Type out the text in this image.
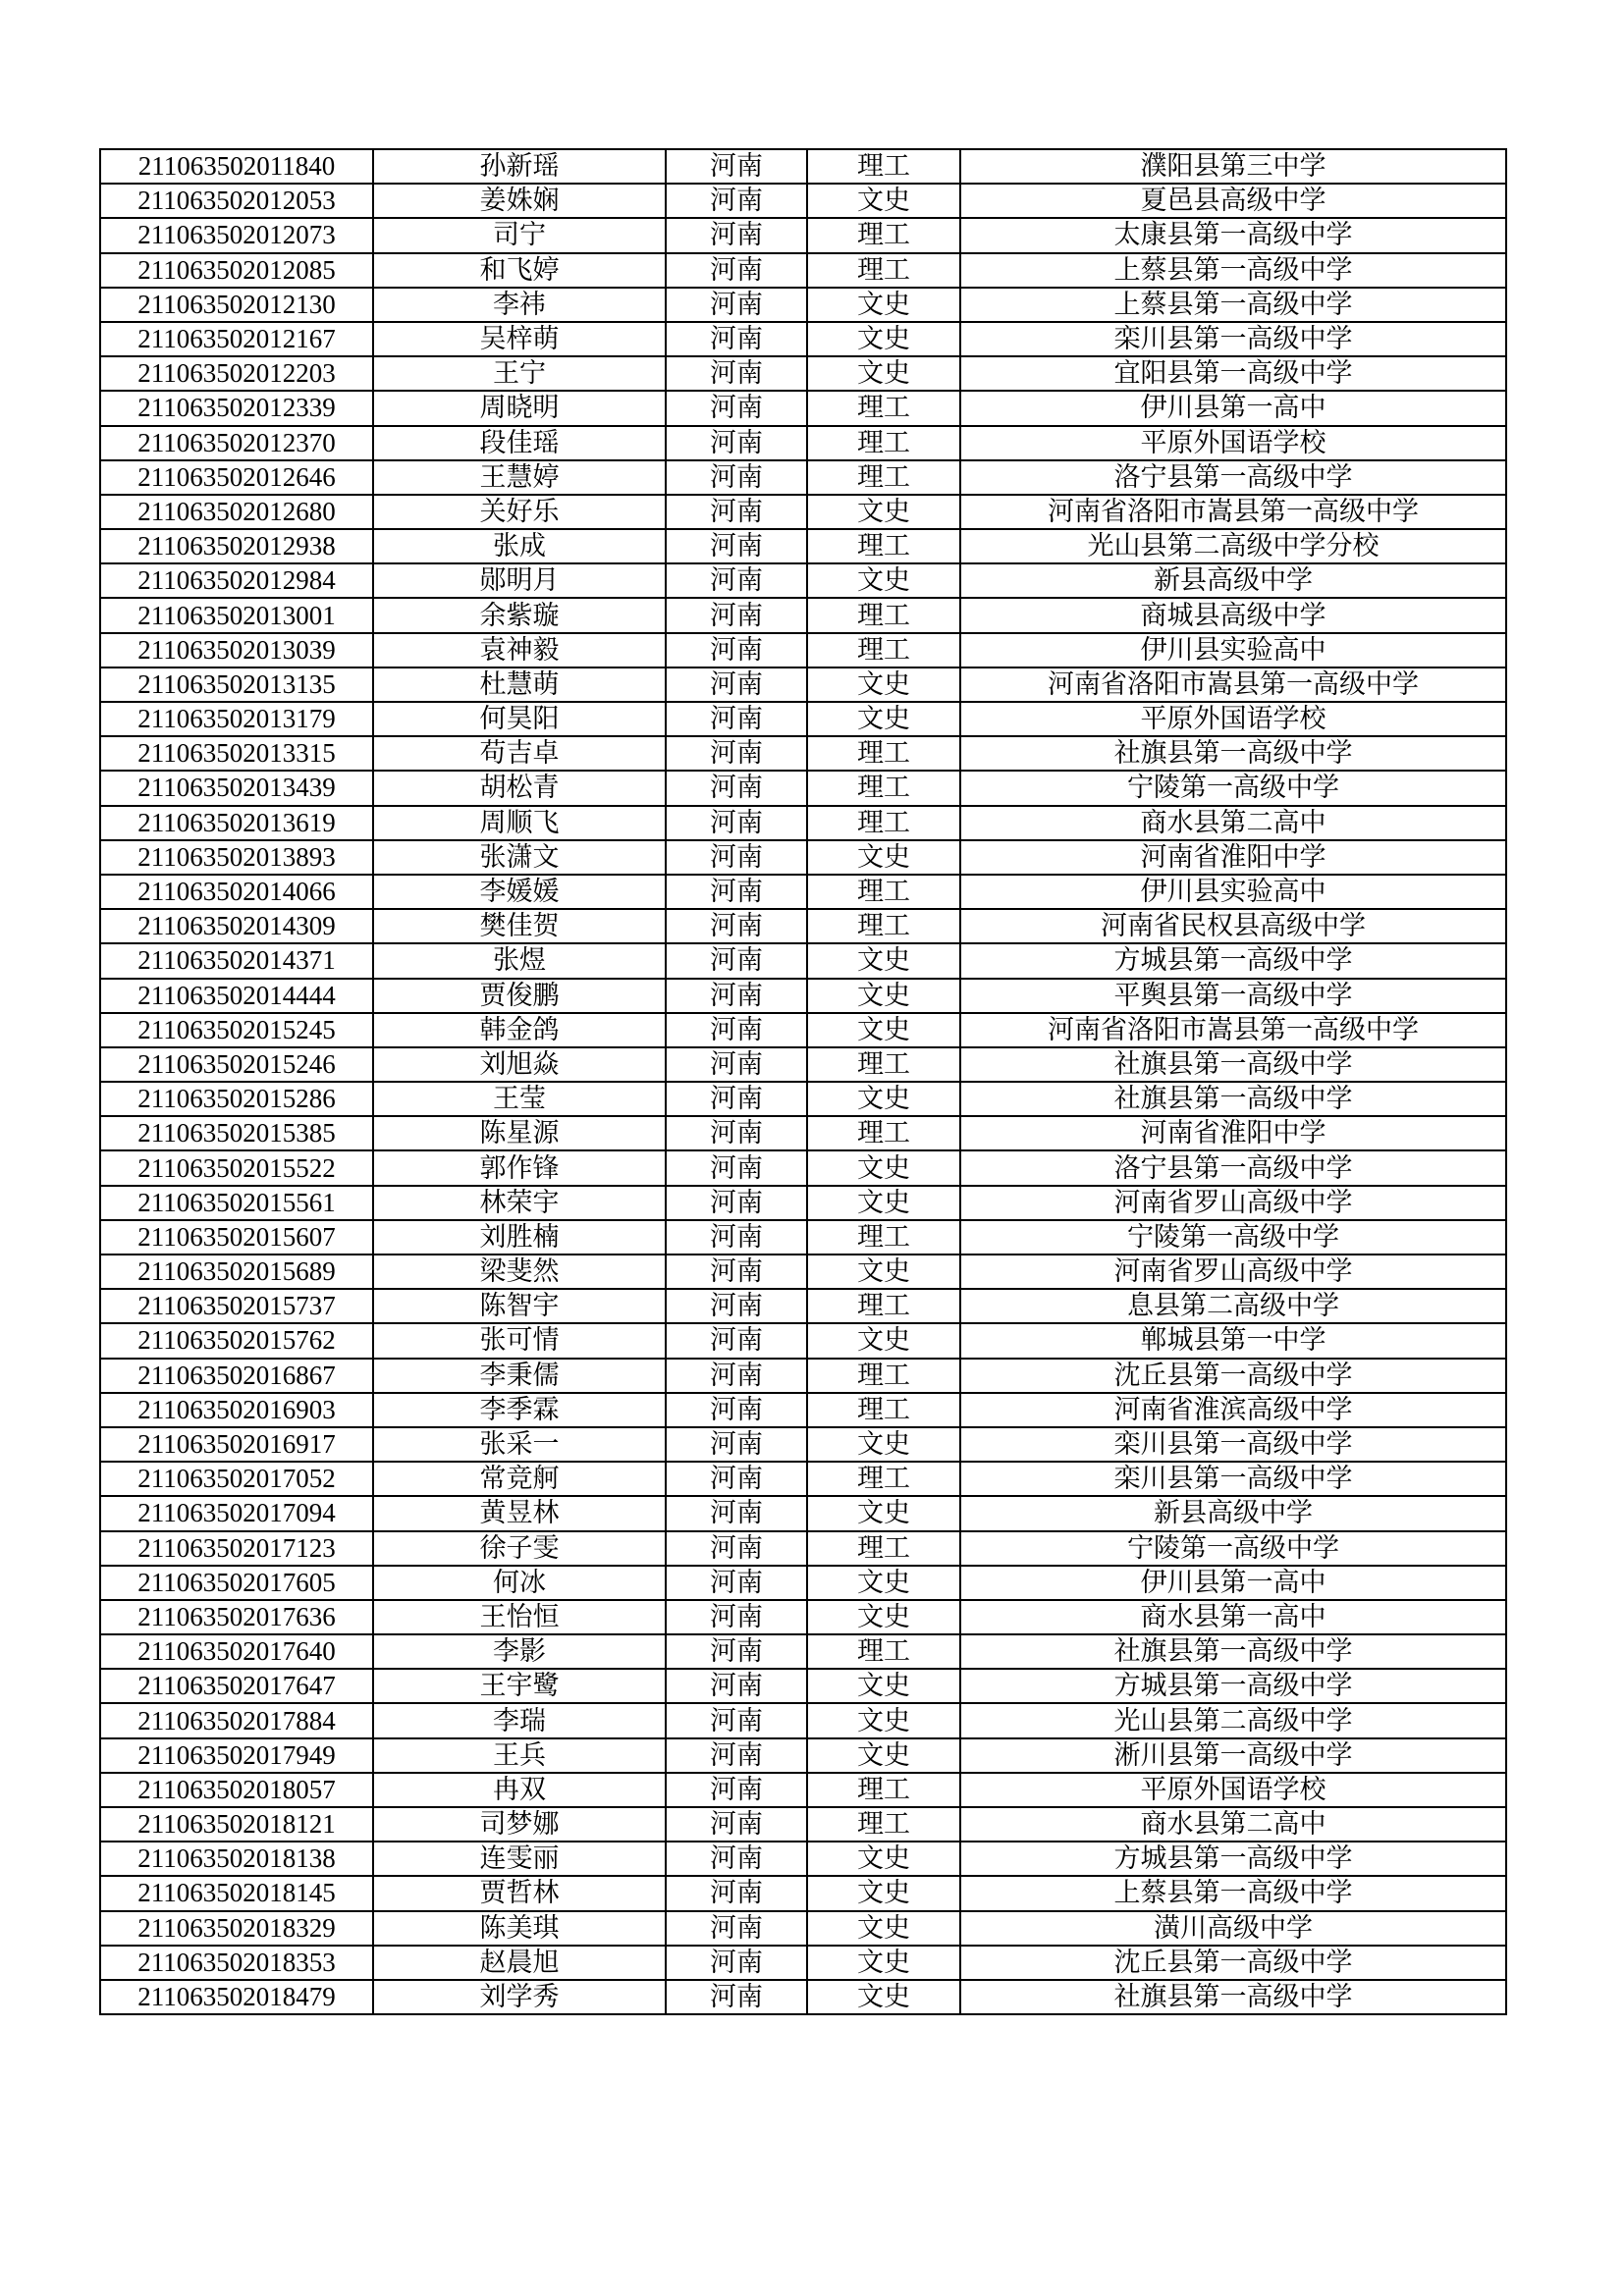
211063502011840	孙新瑶	河南	理工	濮阳县第三中学
211063502012053	姜姝娴	河南	文史	夏邑县高级中学
211063502012073	司宁	河南	理工	太康县第一高级中学
211063502012085	和飞婷	河南	理工	上蔡县第一高级中学
211063502012130	李祎	河南	文史	上蔡县第一高级中学
211063502012167	吴梓萌	河南	文史	栾川县第一高级中学
211063502012203	王宁	河南	文史	宜阳县第一高级中学
211063502012339	周晓明	河南	理工	伊川县第一高中
211063502012370	段佳瑶	河南	理工	平原外国语学校
211063502012646	王慧婷	河南	理工	洛宁县第一高级中学
211063502012680	关好乐	河南	文史	河南省洛阳市嵩县第一高级中学
211063502012938	张成	河南	理工	光山县第二高级中学分校
211063502012984	郧明月	河南	文史	新县高级中学
211063502013001	余紫璇	河南	理工	商城县高级中学
211063502013039	袁神毅	河南	理工	伊川县实验高中
211063502013135	杜慧萌	河南	文史	河南省洛阳市嵩县第一高级中学
211063502013179	何昊阳	河南	文史	平原外国语学校
211063502013315	苟吉卓	河南	理工	社旗县第一高级中学
211063502013439	胡松青	河南	理工	宁陵第一高级中学
211063502013619	周顺飞	河南	理工	商水县第二高中
211063502013893	张潇文	河南	文史	河南省淮阳中学
211063502014066	李媛媛	河南	理工	伊川县实验高中
211063502014309	樊佳贺	河南	理工	河南省民权县高级中学
211063502014371	张煜	河南	文史	方城县第一高级中学
211063502014444	贾俊鹏	河南	文史	平舆县第一高级中学
211063502015245	韩金鸽	河南	文史	河南省洛阳市嵩县第一高级中学
211063502015246	刘旭焱	河南	理工	社旗县第一高级中学
211063502015286	王莹	河南	文史	社旗县第一高级中学
211063502015385	陈星源	河南	理工	河南省淮阳中学
211063502015522	郭作锋	河南	文史	洛宁县第一高级中学
211063502015561	林荣宇	河南	文史	河南省罗山高级中学
211063502015607	刘胜楠	河南	理工	宁陵第一高级中学
211063502015689	梁斐然	河南	文史	河南省罗山高级中学
211063502015737	陈智宇	河南	理工	息县第二高级中学
211063502015762	张可情	河南	文史	郸城县第一中学
211063502016867	李秉儒	河南	理工	沈丘县第一高级中学
211063502016903	李季霖	河南	理工	河南省淮滨高级中学
211063502016917	张采一	河南	文史	栾川县第一高级中学
211063502017052	常竞舸	河南	理工	栾川县第一高级中学
211063502017094	黄昱林	河南	文史	新县高级中学
211063502017123	徐子雯	河南	理工	宁陵第一高级中学
211063502017605	何冰	河南	文史	伊川县第一高中
211063502017636	王怡恒	河南	文史	商水县第一高中
211063502017640	李影	河南	理工	社旗县第一高级中学
211063502017647	王宇鹭	河南	文史	方城县第一高级中学
211063502017884	李瑞	河南	文史	光山县第二高级中学
211063502017949	王兵	河南	文史	淅川县第一高级中学
211063502018057	冉双	河南	理工	平原外国语学校
211063502018121	司梦娜	河南	理工	商水县第二高中
211063502018138	连雯丽	河南	文史	方城县第一高级中学
211063502018145	贾哲林	河南	文史	上蔡县第一高级中学
211063502018329	陈美琪	河南	文史	潢川高级中学
211063502018353	赵晨旭	河南	文史	沈丘县第一高级中学
211063502018479	刘学秀	河南	文史	社旗县第一高级中学
